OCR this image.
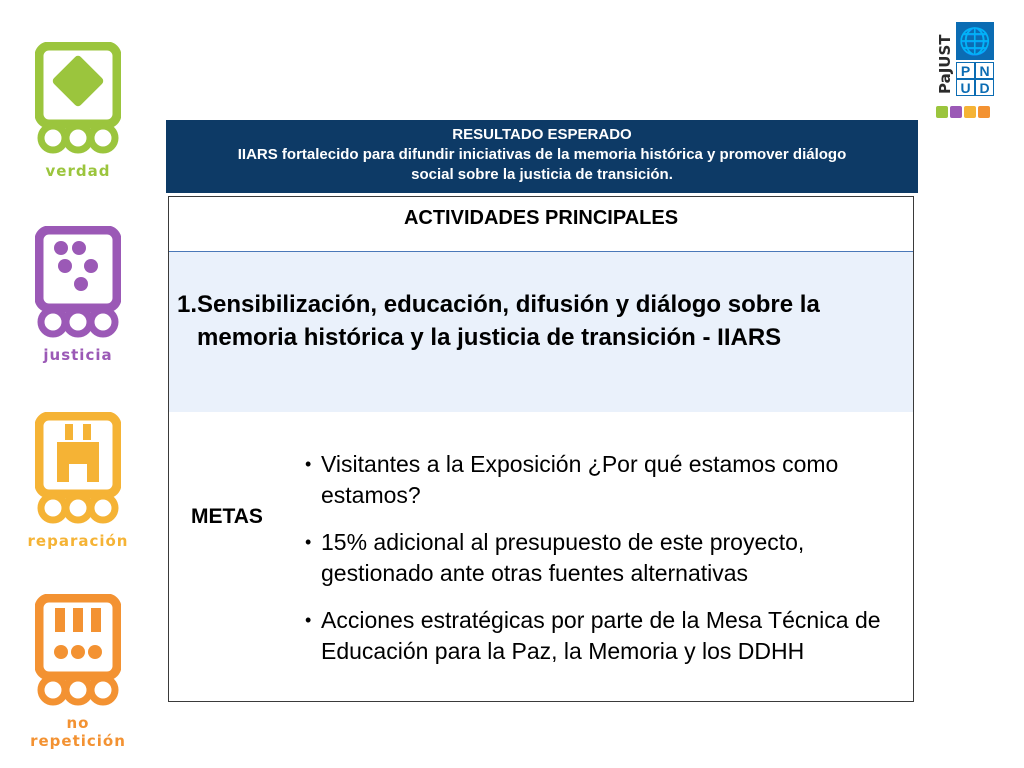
verdad
justicia
reparación
no repetición
RESULTADO ESPERADO
IIARS fortalecido para difundir iniciativas de la memoria histórica y promover diálogo
social sobre la justicia de transición.
ACTIVIDADES PRINCIPALES
1.Sensibilización, educación, difusión y diálogo sobre la memoria histórica y la justicia de transición - IIARS
METAS
• Visitantes a la Exposición ¿Por qué estamos como estamos?
• 15% adicional al presupuesto de este proyecto, gestionado ante otras fuentes alternativas
• Acciones estratégicas por parte de la Mesa Técnica de Educación para la Paz, la Memoria y los DDHH
PaJUST 🌐
P N
U D
